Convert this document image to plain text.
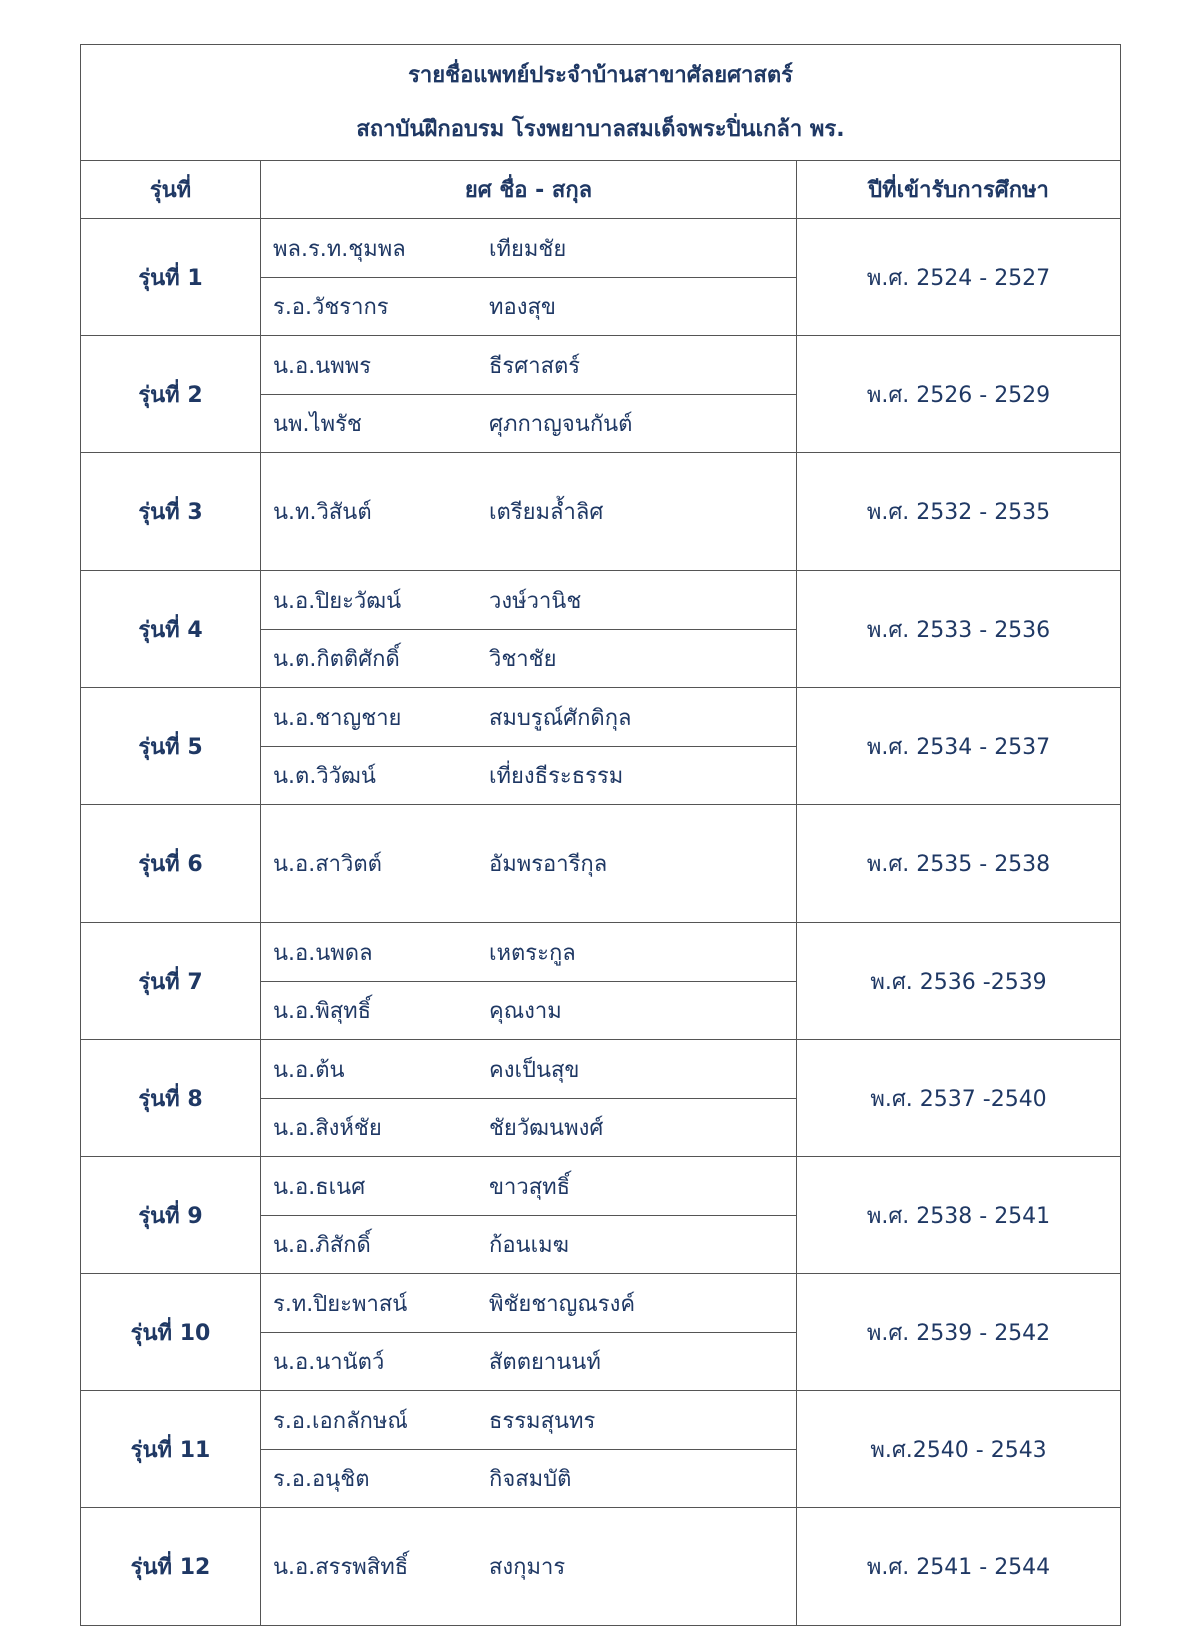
รายชื่อแพทย์ประจำบ้านสาขาศัลยศาสตร์
สถาบันฝึกอบรม โรงพยาบาลสมเด็จพระปิ่นเกล้า พร.		

รุ่นที่	ยศ ชื่อ - สกุล	ปีที่เข้ารับการศึกษา
รุ่นที่ 1	พล.ร.ท.ชุมพล เทียมชัย
ร.อ.วัชรากร ทองสุข	พ.ศ. 2524 - 2527
รุ่นที่ 2	น.อ.นพพร ธีรศาสตร์
นพ.ไพรัช ศุภกาญจนกันต์	พ.ศ. 2526 - 2529
รุ่นที่ 3	น.ท.วิสันต์ เตรียมล้ำลิศ	พ.ศ. 2532 - 2535
รุ่นที่ 4	น.อ.ปิยะวัฒน์ วงษ์วานิช
น.ต.กิตติศักดิ์ วิชาชัย	พ.ศ. 2533 - 2536
รุ่นที่ 5	น.อ.ชาญชาย สมบรูณ์ศักดิกุล
น.ต.วิวัฒน์ เที่ยงธีระธรรม	พ.ศ. 2534 - 2537
รุ่นที่ 6	น.อ.สาวิตต์ อัมพรอารีกุล	พ.ศ. 2535 - 2538
รุ่นที่ 7	น.อ.นพดล เหตระกูล
น.อ.พิสุทธิ์ คุณงาม	พ.ศ. 2536 -2539
รุ่นที่ 8	น.อ.ต้น คงเป็นสุข
น.อ.สิงห์ชัย ชัยวัฒนพงศ์	พ.ศ. 2537 -2540
รุ่นที่ 9	น.อ.ธเนศ ขาวสุทธิ์
น.อ.ภิสักดิ์ ก้อนเมฆ	พ.ศ. 2538 - 2541
รุ่นที่ 10	ร.ท.ปิยะพาสน์ พิชัยชาญณรงค์
น.อ.นานัตว์ สัตตยานนท์	พ.ศ. 2539 - 2542
รุ่นที่ 11	ร.อ.เอกลักษณ์ ธรรมสุนทร
ร.อ.อนุชิต กิจสมบัติ	พ.ศ.2540 - 2543
รุ่นที่ 12	น.อ.สรรพสิทธิ์ สงกุมาร	พ.ศ. 2541 - 2544
